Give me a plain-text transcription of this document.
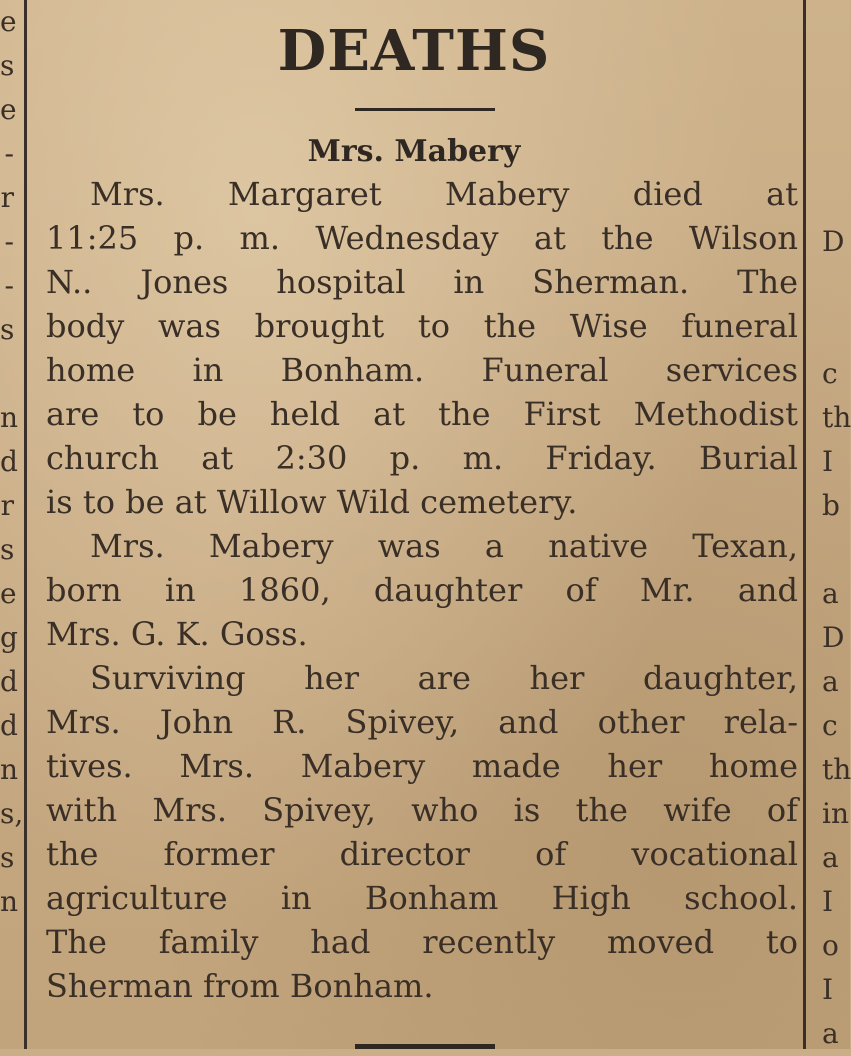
e
s
e
-
r
-
-
s
n
d
r
s
e
g
d
d
n
s,
s
n
D
c
th
I
b
a
D
a
c
th
in
a
I
o
I
a
DEATHS
Mrs. Mabery
Mrs. Margaret Mabery died at
11:25 p. m. Wednesday at the Wilson
N.. Jones hospital in Sherman. The
body was brought to the Wise funeral
home in Bonham. Funeral services
are to be held at the First Methodist
church at 2:30 p. m. Friday. Burial
is to be at Willow Wild cemetery.
Mrs. Mabery was a native Texan,
born in 1860, daughter of Mr. and
Mrs. G. K. Goss.
Surviving her are her daughter,
Mrs. John R. Spivey, and other rela-
tives. Mrs. Mabery made her home
with Mrs. Spivey, who is the wife of
the former director of vocational
agriculture in Bonham High school.
The family had recently moved to
Sherman from Bonham.
